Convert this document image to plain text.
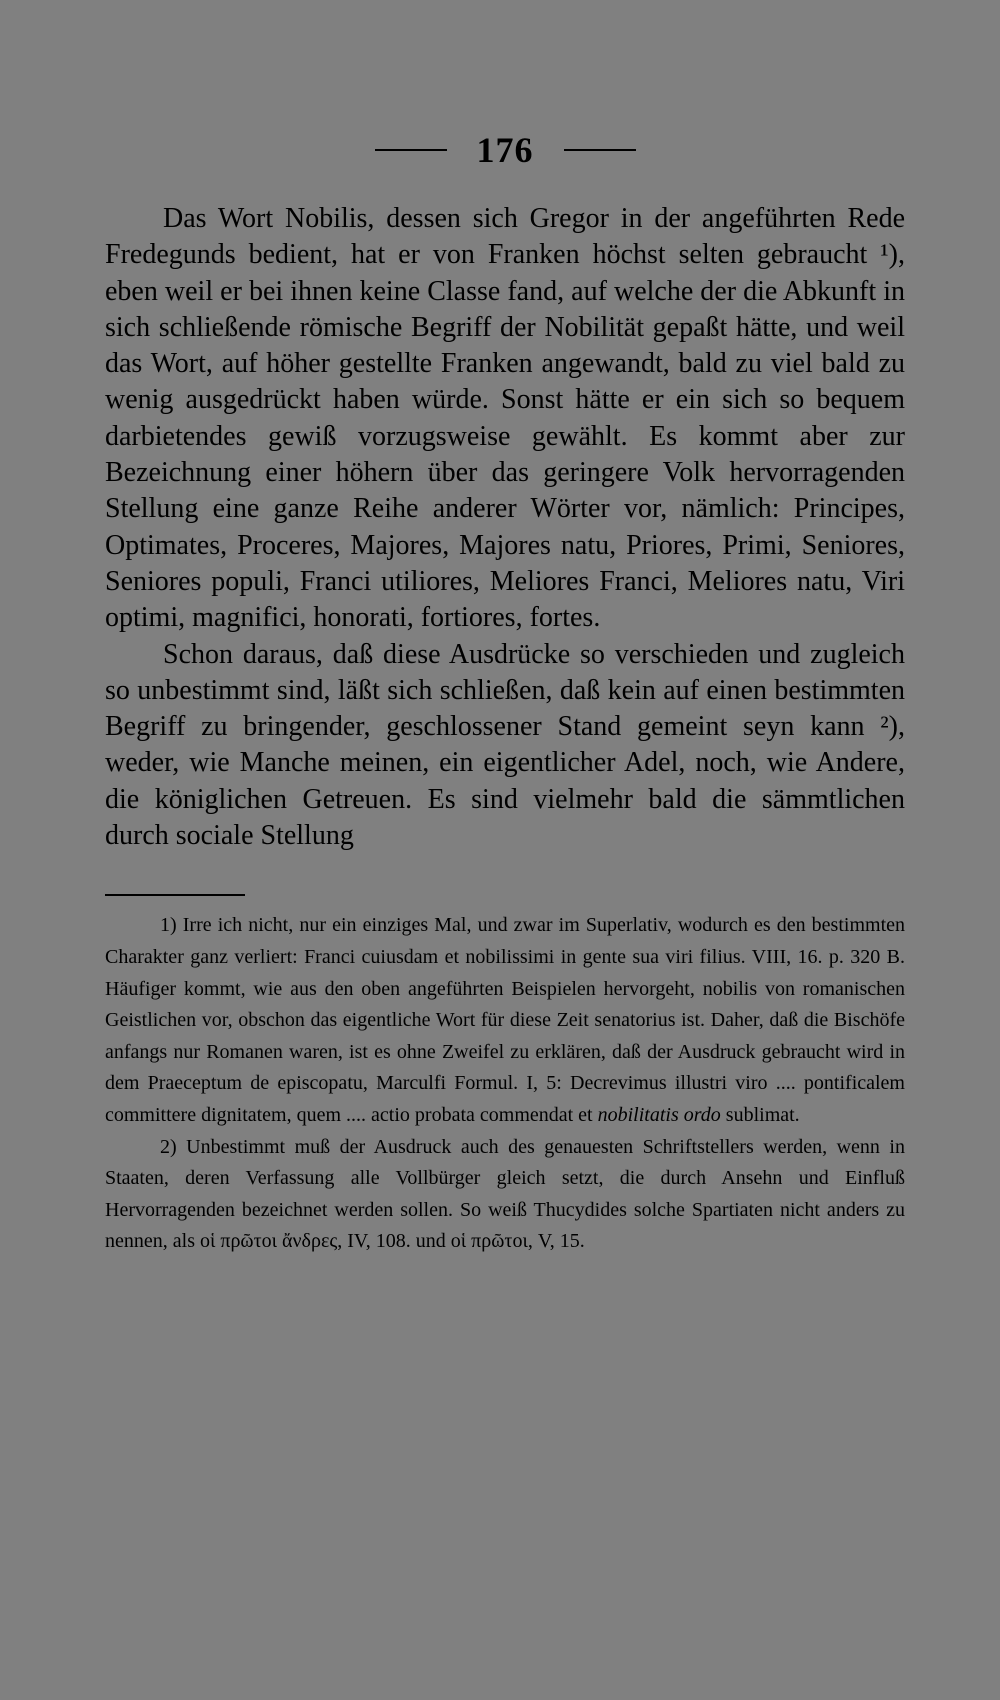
176

Das Wort Nobilis, dessen sich Gregor in der angeführten Rede Fredegunds bedient, hat er von Franken höchst selten gebraucht ¹), eben weil er bei ihnen keine Classe fand, auf welche der die Abkunft in sich schließende römische Begriff der Nobilität gepaßt hätte, und weil das Wort, auf höher gestellte Franken angewandt, bald zu viel bald zu wenig ausgedrückt haben würde. Sonst hätte er ein sich so bequem darbietendes gewiß vorzugsweise gewählt. Es kommt aber zur Bezeichnung einer höhern über das geringere Volk hervorragenden Stellung eine ganze Reihe anderer Wörter vor, nämlich: Principes, Optimates, Proceres, Majores, Majores natu, Priores, Primi, Seniores, Seniores populi, Franci utiliores, Meliores Franci, Meliores natu, Viri optimi, magnifici, honorati, fortiores, fortes.

Schon daraus, daß diese Ausdrücke so verschieden und zugleich so unbestimmt sind, läßt sich schließen, daß kein auf einen bestimmten Begriff zu bringender, geschlossener Stand gemeint seyn kann ²), weder, wie Manche meinen, ein eigentlicher Adel, noch, wie Andere, die königlichen Getreuen. Es sind vielmehr bald die sämmtlichen durch sociale Stellung

1) Irre ich nicht, nur ein einziges Mal, und zwar im Superlativ, wodurch es den bestimmten Charakter ganz verliert: Franci cuiusdam et nobilissimi in gente sua viri filius. VIII, 16. p. 320 B. Häufiger kommt, wie aus den oben angeführten Beispielen hervorgeht, nobilis von romanischen Geistlichen vor, obschon das eigentliche Wort für diese Zeit senatorius ist. Daher, daß die Bischöfe anfangs nur Romanen waren, ist es ohne Zweifel zu erklären, daß der Ausdruck gebraucht wird in dem Praeceptum de episcopatu, Marculfi Formul. I, 5: Decrevimus illustri viro .... pontificalem committere dignitatem, quem .... actio probata commendat et nobilitatis ordo sublimat.

2) Unbestimmt muß der Ausdruck auch des genauesten Schriftstellers werden, wenn in Staaten, deren Verfassung alle Vollbürger gleich setzt, die durch Ansehn und Einfluß Hervorragenden bezeichnet werden sollen. So weiß Thucydides solche Spartiaten nicht anders zu nennen, als οἱ πρῶτοι ἄνδρες, IV, 108. und οἱ πρῶτοι, V, 15.
